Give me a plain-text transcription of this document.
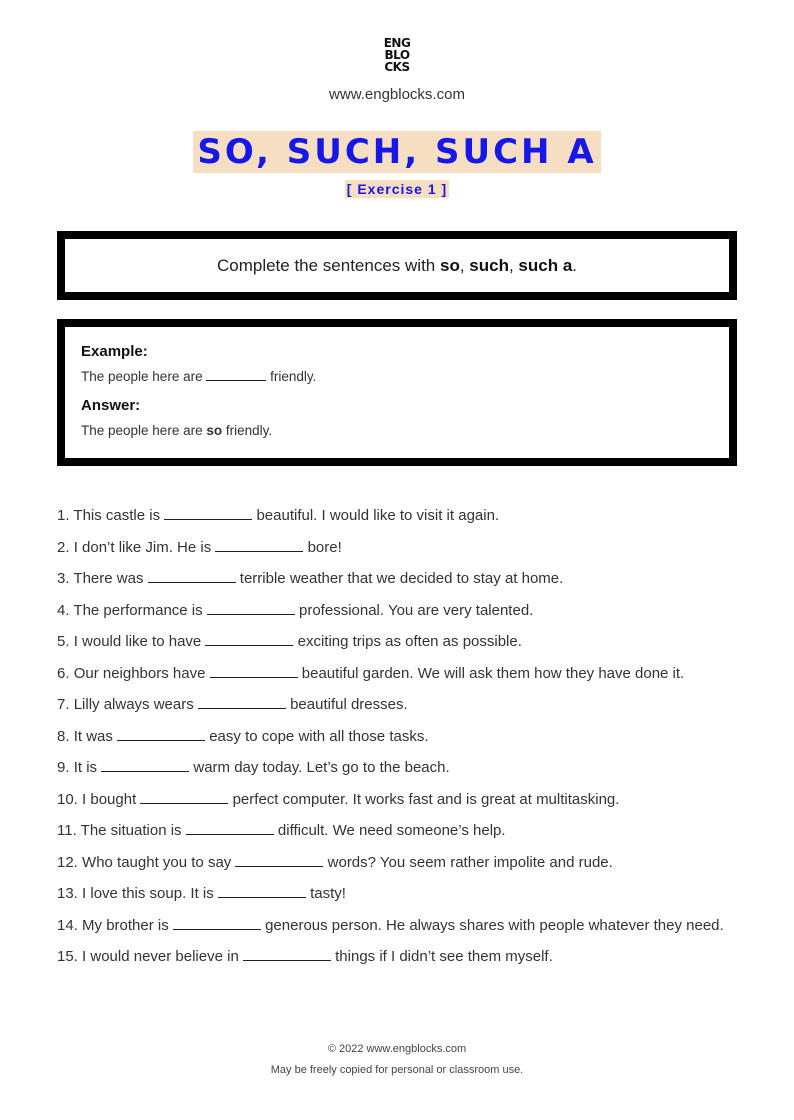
ENG
BLO
CKS
www.engblocks.com
SO, SUCH, SUCH A
[ Exercise 1 ]
Complete the sentences with so, such, such a.

Example:

The people here are	friendly.

Answer:

The people here are so friendly.

1. This castle is	beautiful. I would like to visit it again.
2. I don’t like Jim. He is	bore!
3. There was	terrible weather that we decided to stay at home.
4. The performance is	professional. You are very talented.
5. I would like to have	exciting trips as often as possible.
6. Our neighbors have	beautiful garden. We will ask them how they have done it.
7. Lilly always wears	beautiful dresses.
8. It was	easy to cope with all those tasks.
9. It is	warm day today. Let’s go to the beach.
10. I bought	perfect computer. It works fast and is great at multitasking.
11. The situation is	difficult. We need someone’s help.
12. Who taught you to say	words? You seem rather impolite and rude.
13. I love this soup. It is	tasty!
14. My brother is	generous person. He always shares with people whatever they need.
15. I would never believe in	things if I didn’t see them myself.
© 2022 www.engblocks.com
May be freely copied for personal or classroom use.
